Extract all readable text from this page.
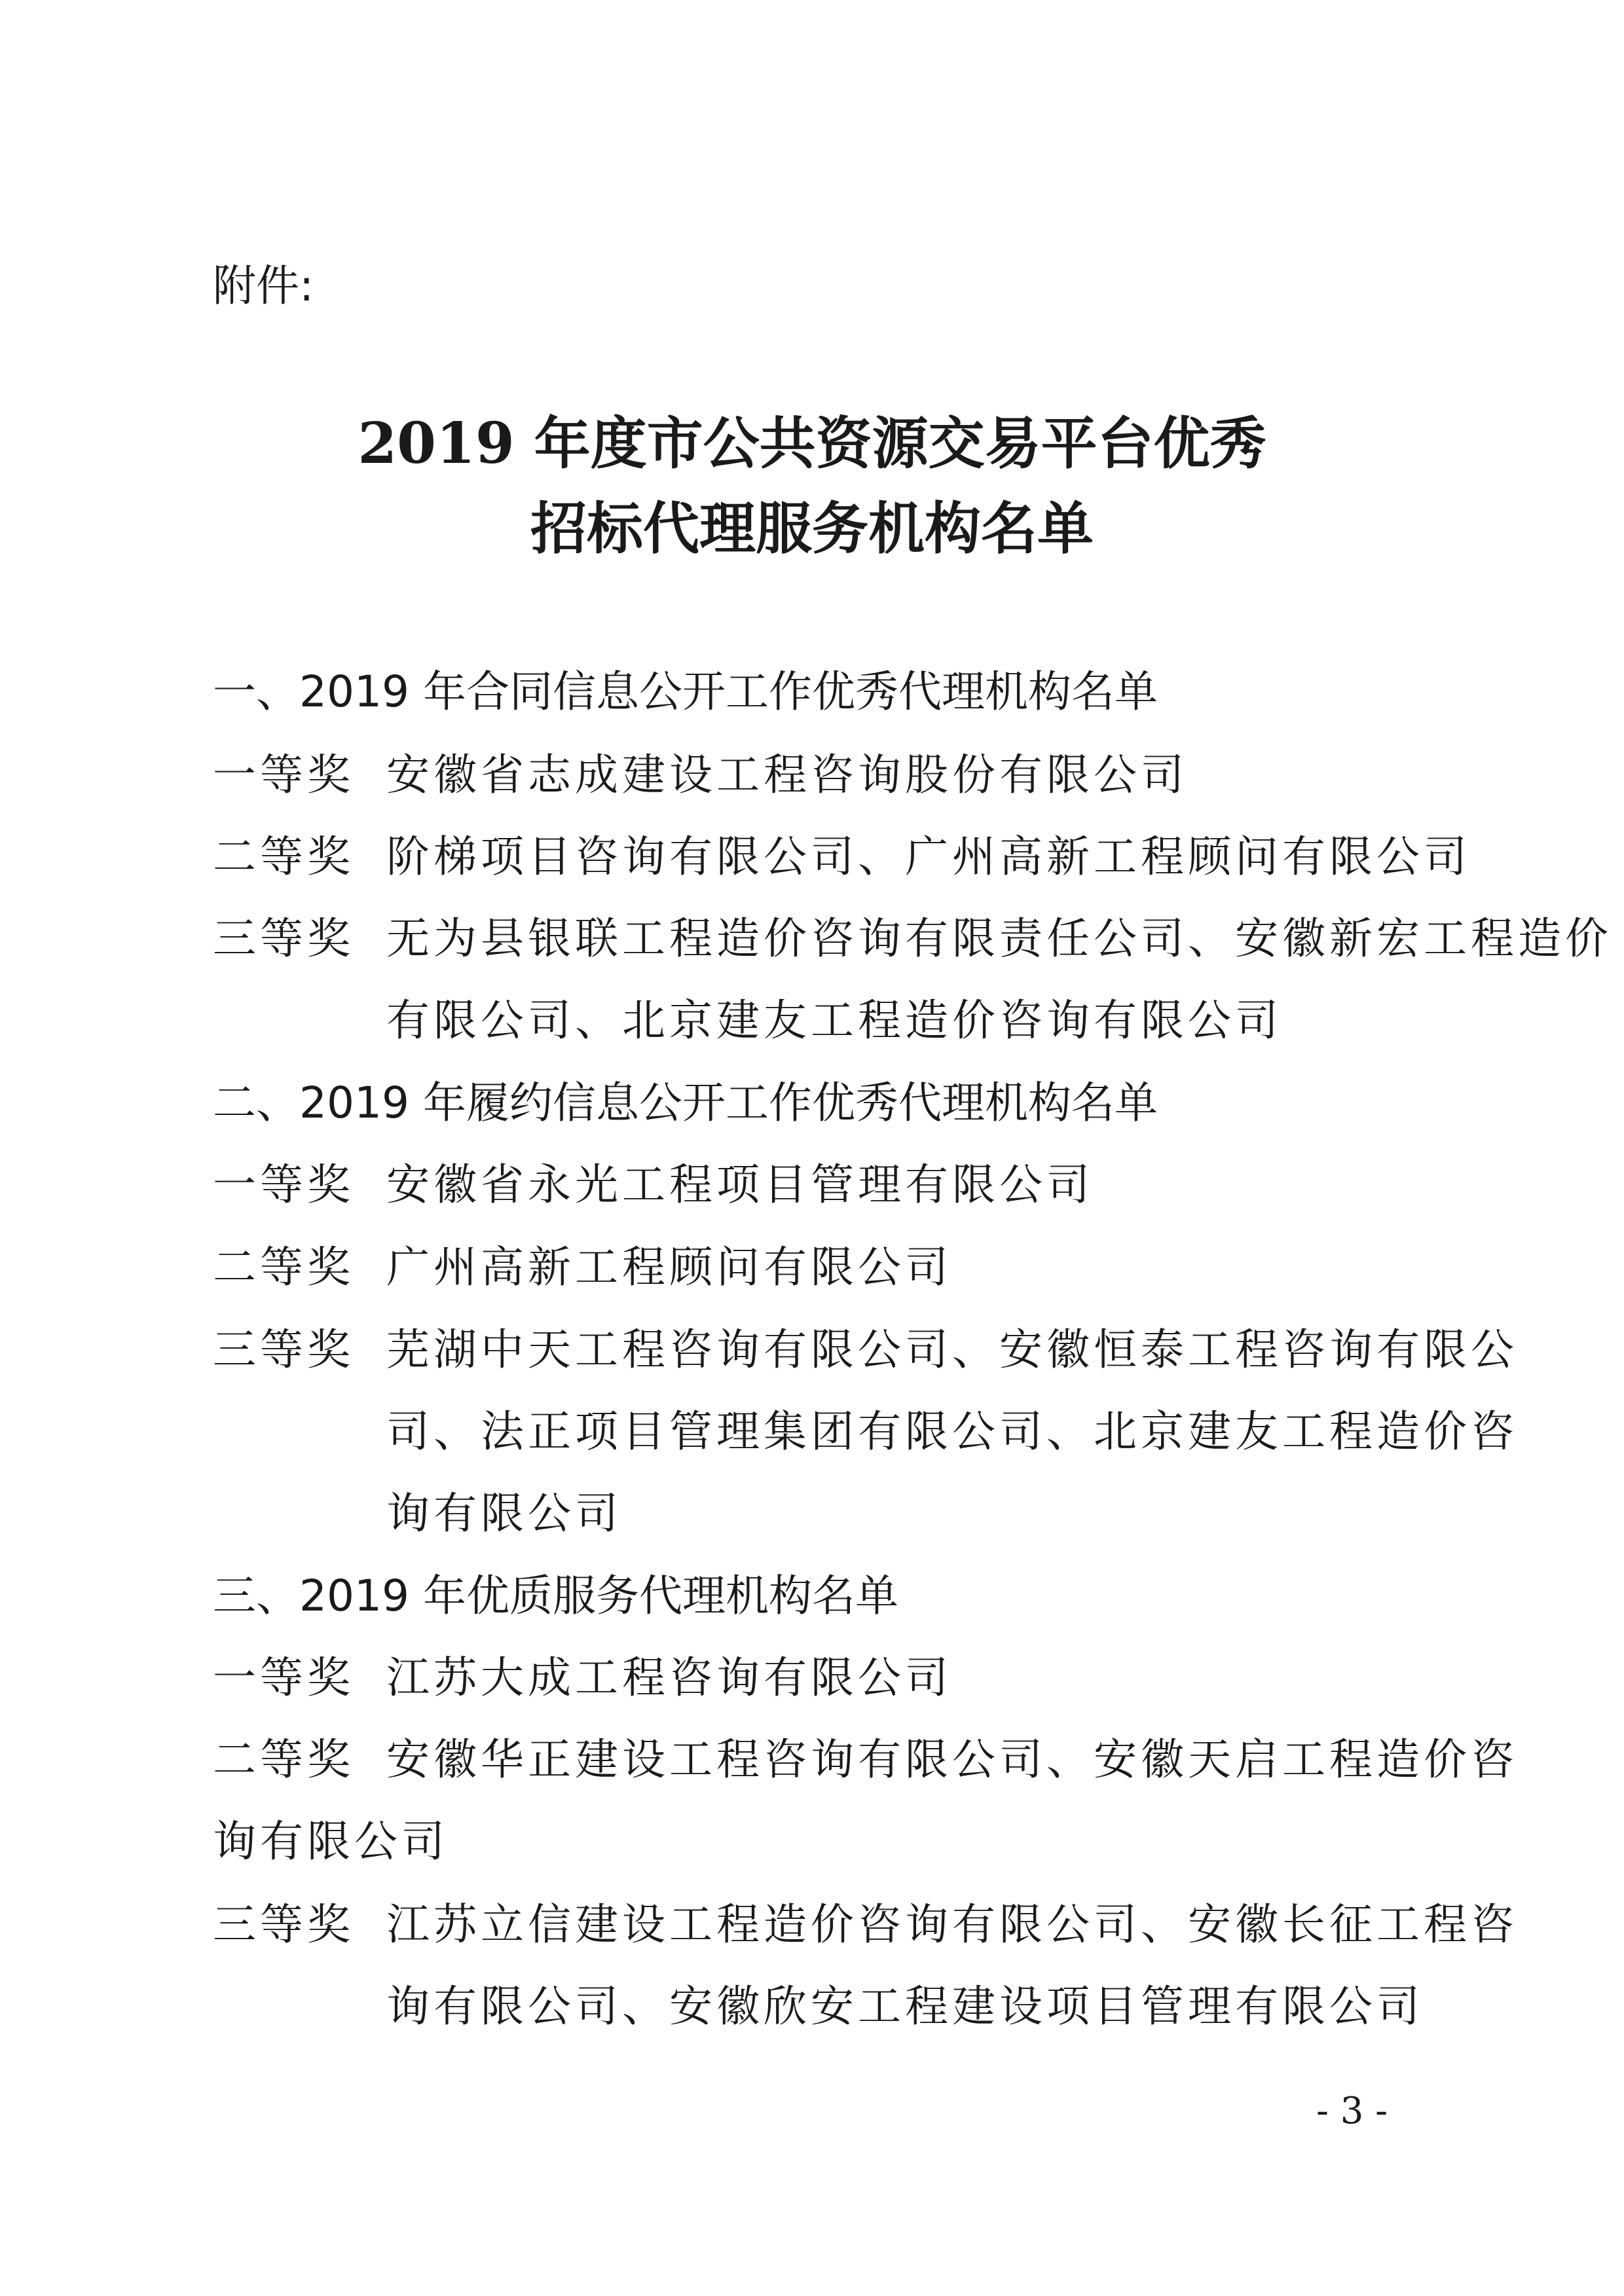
附件:
2019 年度市公共资源交易平台优秀
招标代理服务机构名单
一、2019 年合同信息公开工作优秀代理机构名单
一等奖 安徽省志成建设工程咨询股份有限公司
二等奖 阶梯项目咨询有限公司、广州高新工程顾问有限公司
三等奖 无为县银联工程造价咨询有限责任公司、安徽新宏工程造价
有限公司、北京建友工程造价咨询有限公司
二、2019 年履约信息公开工作优秀代理机构名单
一等奖 安徽省永光工程项目管理有限公司
二等奖 广州高新工程顾问有限公司
三等奖 芜湖中天工程咨询有限公司、安徽恒泰工程咨询有限公
司、法正项目管理集团有限公司、北京建友工程造价咨
询有限公司
三、2019 年优质服务代理机构名单
一等奖 江苏大成工程咨询有限公司
二等奖 安徽华正建设工程咨询有限公司、安徽天启工程造价咨
询有限公司
三等奖 江苏立信建设工程造价咨询有限公司、安徽长征工程咨
询有限公司、安徽欣安工程建设项目管理有限公司
- 3 -
